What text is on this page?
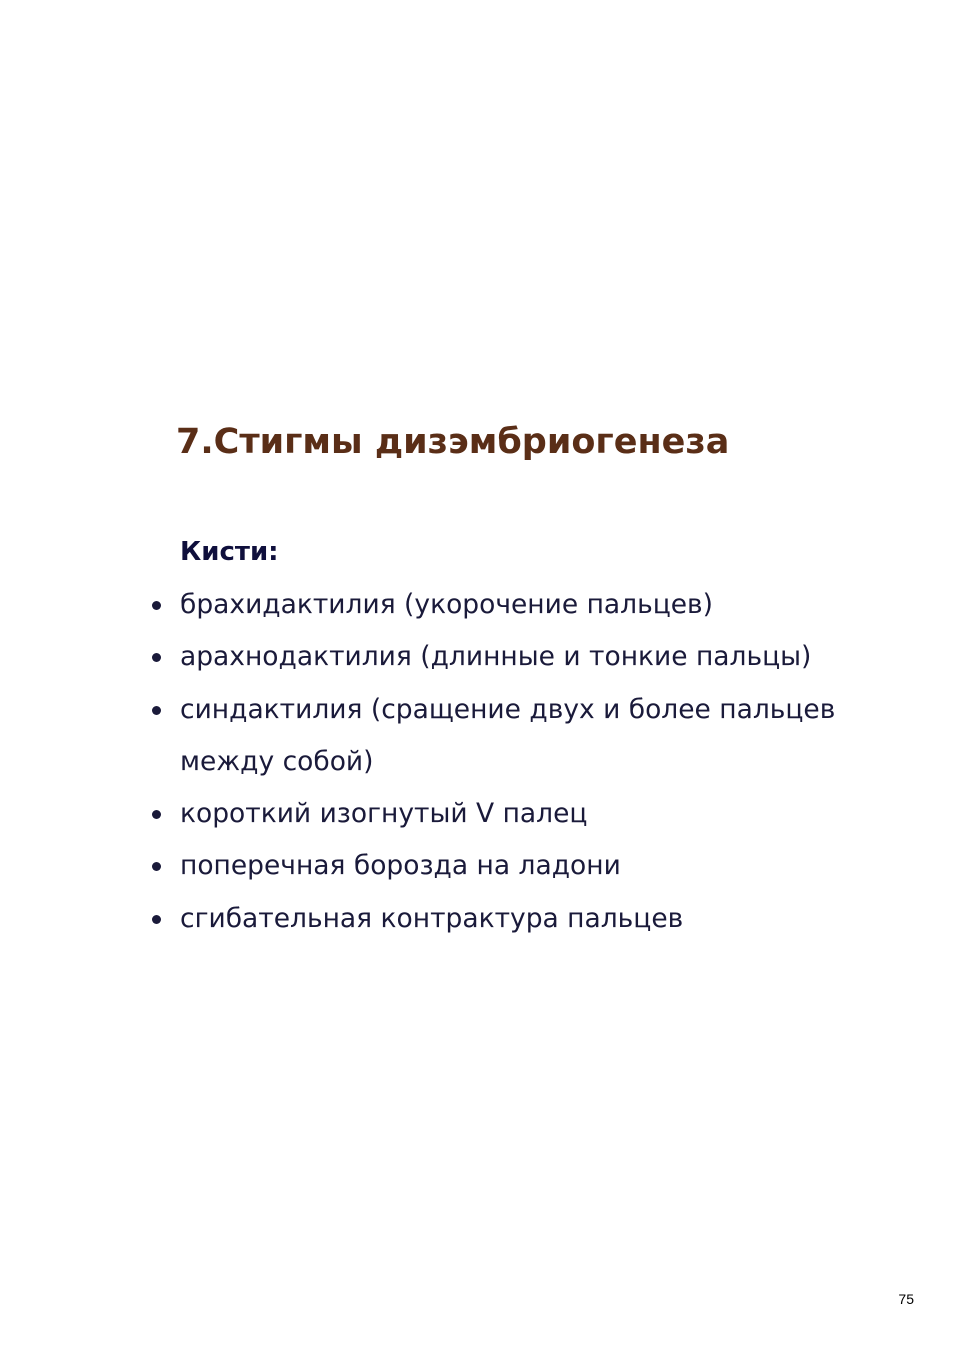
7.Стигмы дизэмбриогенеза
Кисти:
брахидактилия (укорочение пальцев)
арахнодактилия (длинные и тонкие пальцы)
синдактилия (сращение двух и более пальцев между собой)
короткий изогнутый V палец
поперечная борозда на ладони
сгибательная контрактура пальцев
75
